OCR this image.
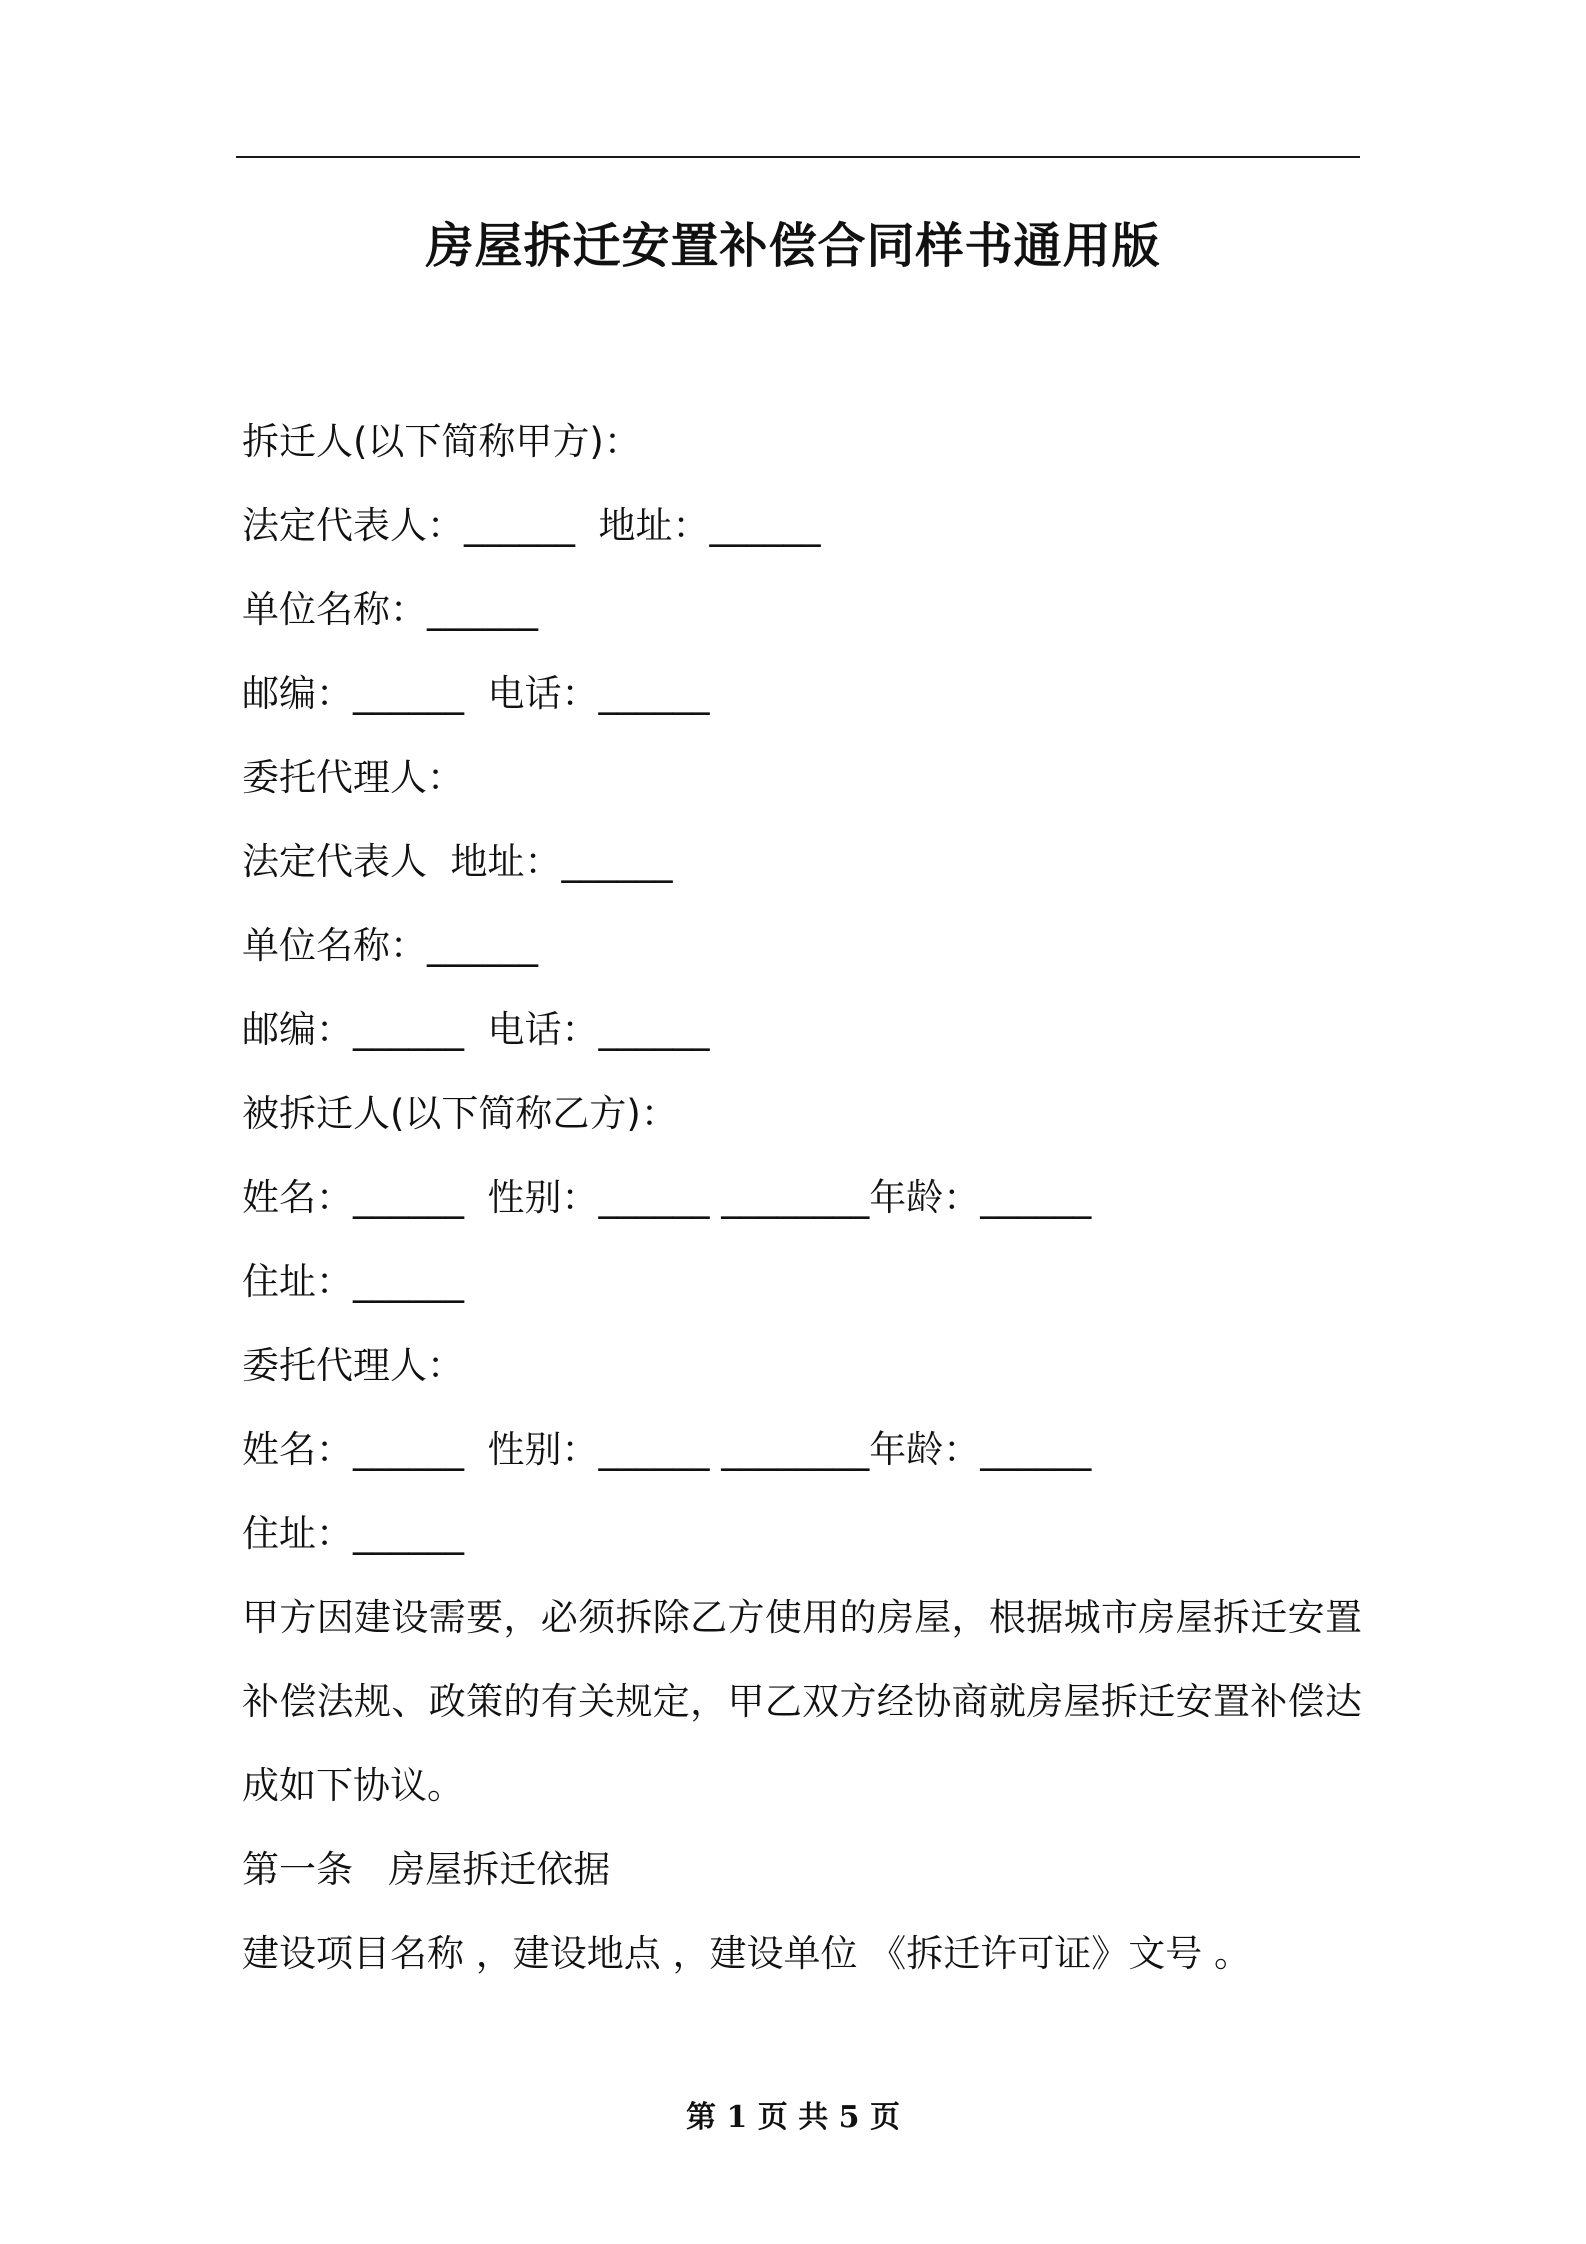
房屋拆迁安置补偿合同样书通用版
拆迁人(以下简称甲方)：
法定代表人：______  地址：______
单位名称：______
邮编：______  电话：______
委托代理人：
法定代表人  地址：______
单位名称：______
邮编：______  电话：______
被拆迁人(以下简称乙方)：
姓名：______  性别：______ ________年龄：______
住址：______
委托代理人：
姓名：______  性别：______ ________年龄：______
住址：______
甲方因建设需要，必须拆除乙方使用的房屋，根据城市房屋拆迁安置补偿法规、政策的有关规定，甲乙双方经协商就房屋拆迁安置补偿达成如下协议。
第一条   房屋拆迁依据
建设项目名称 ，建设地点 ，建设单位 《拆迁许可证》文号 。
第 1 页 共 5 页
